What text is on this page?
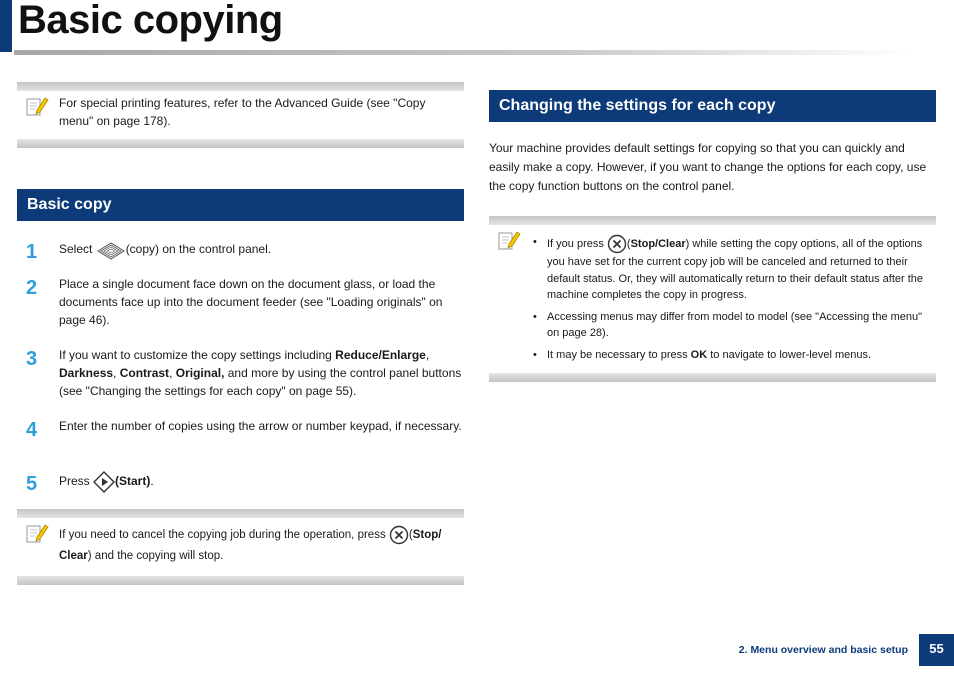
Basic copying
For special printing features, refer to the Advanced Guide (see "Copy menu" on page 178).
Basic copy
1 Select	(copy) on the control panel.
2 Place a single document face down on the document glass, or load the documents face up into the document feeder (see "Loading originals" on page 46).
3 If you want to customize the copy settings including Reduce/Enlarge, Darkness, Contrast, Original, and more by using the control panel buttons (see "Changing the settings for each copy" on page 55).
4 Enter the number of copies using the arrow or number keypad, if necessary.
5 Press (Start).
If you need to cancel the copying job during the operation, press (Stop/
Clear) and the copying will stop.
Changing the settings for each copy
Your machine provides default settings for copying so that you can quickly and easily make a copy. However, if you want to change the options for each copy, use the copy function buttons on the control panel.
• If you press (Stop/Clear) while setting the copy options, all of the options you have set for the current copy job will be canceled and returned to their default status. Or, they will automatically return to their default status after the machine completes the copy in progress.
• Accessing menus may differ from model to model (see "Accessing the menu" on page 28).
• It may be necessary to press OK to navigate to lower-level menus.
2. Menu overview and basic setup	55
